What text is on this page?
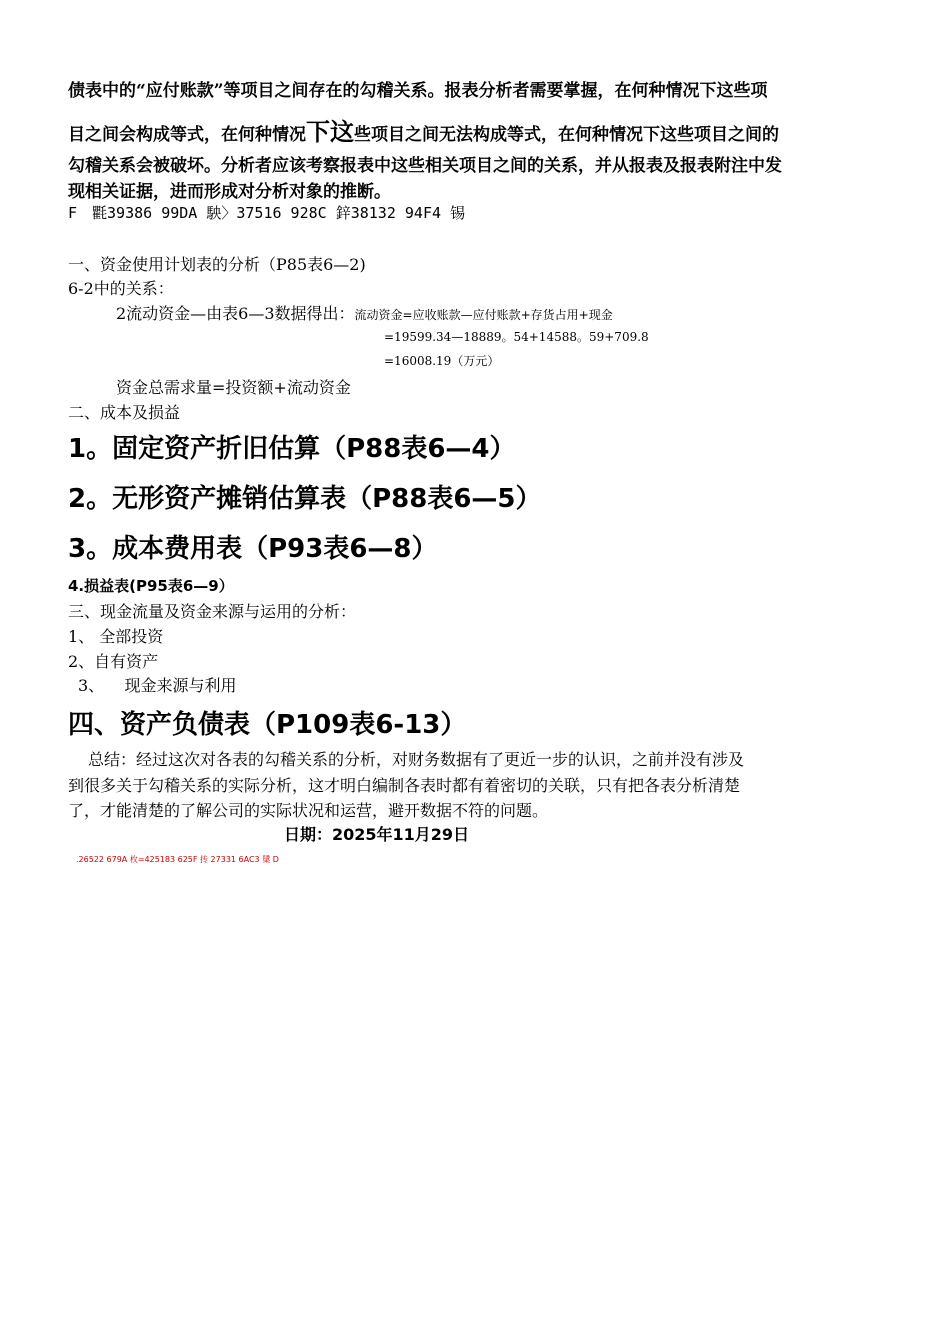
债表中的“应付账款”等项目之间存在的勾稽关系。报表分析者需要掌握，在何种情况下这些项
目之间会构成等式，在何种情况下这些项目之间无法构成等式，在何种情况下这些项目之间的
勾稽关系会被破坏。分析者应该考察报表中这些相关项目之间的关系，并从报表及报表附注中发
现相关证据，进而形成对分析对象的推断。
F　氍39386 99DA 駚〉37516 928C 鋅38132 94F4 锡
一、资金使用计划表的分析（P85表6—2)
6-2中的关系：
2流动资金—由表6—3数据得出：流动资金=应收账款—应付账款+存货占用+现金
=19599.34—18889。54+14588。59+709.8
=16008.19（万元）
资金总需求量=投资额+流动资金
二、成本及损益
1。固定资产折旧估算（P88表6—4）
2。无形资产摊销估算表（P88表6—5）
3。成本费用表（P93表6—8）
4.损益表(P95表6—9）
三、现金流量及资金来源与运用的分析：
1、 全部投资
2、自有资产
3、    现金来源与利用
四、资产负债表（P109表6-13）
总结：经过这次对各表的勾稽关系的分析，对财务数据有了更近一步的认识，之前并没有涉及
到很多关于勾稽关系的实际分析，这才明白编制各表时都有着密切的关联，只有把各表分析清楚
了，才能清楚的了解公司的实际状况和运营，避开数据不符的问题。
日期：2025年11月29日
.26522 679A 枚=425183 625F 抟 27331 6AC3 檃 D
